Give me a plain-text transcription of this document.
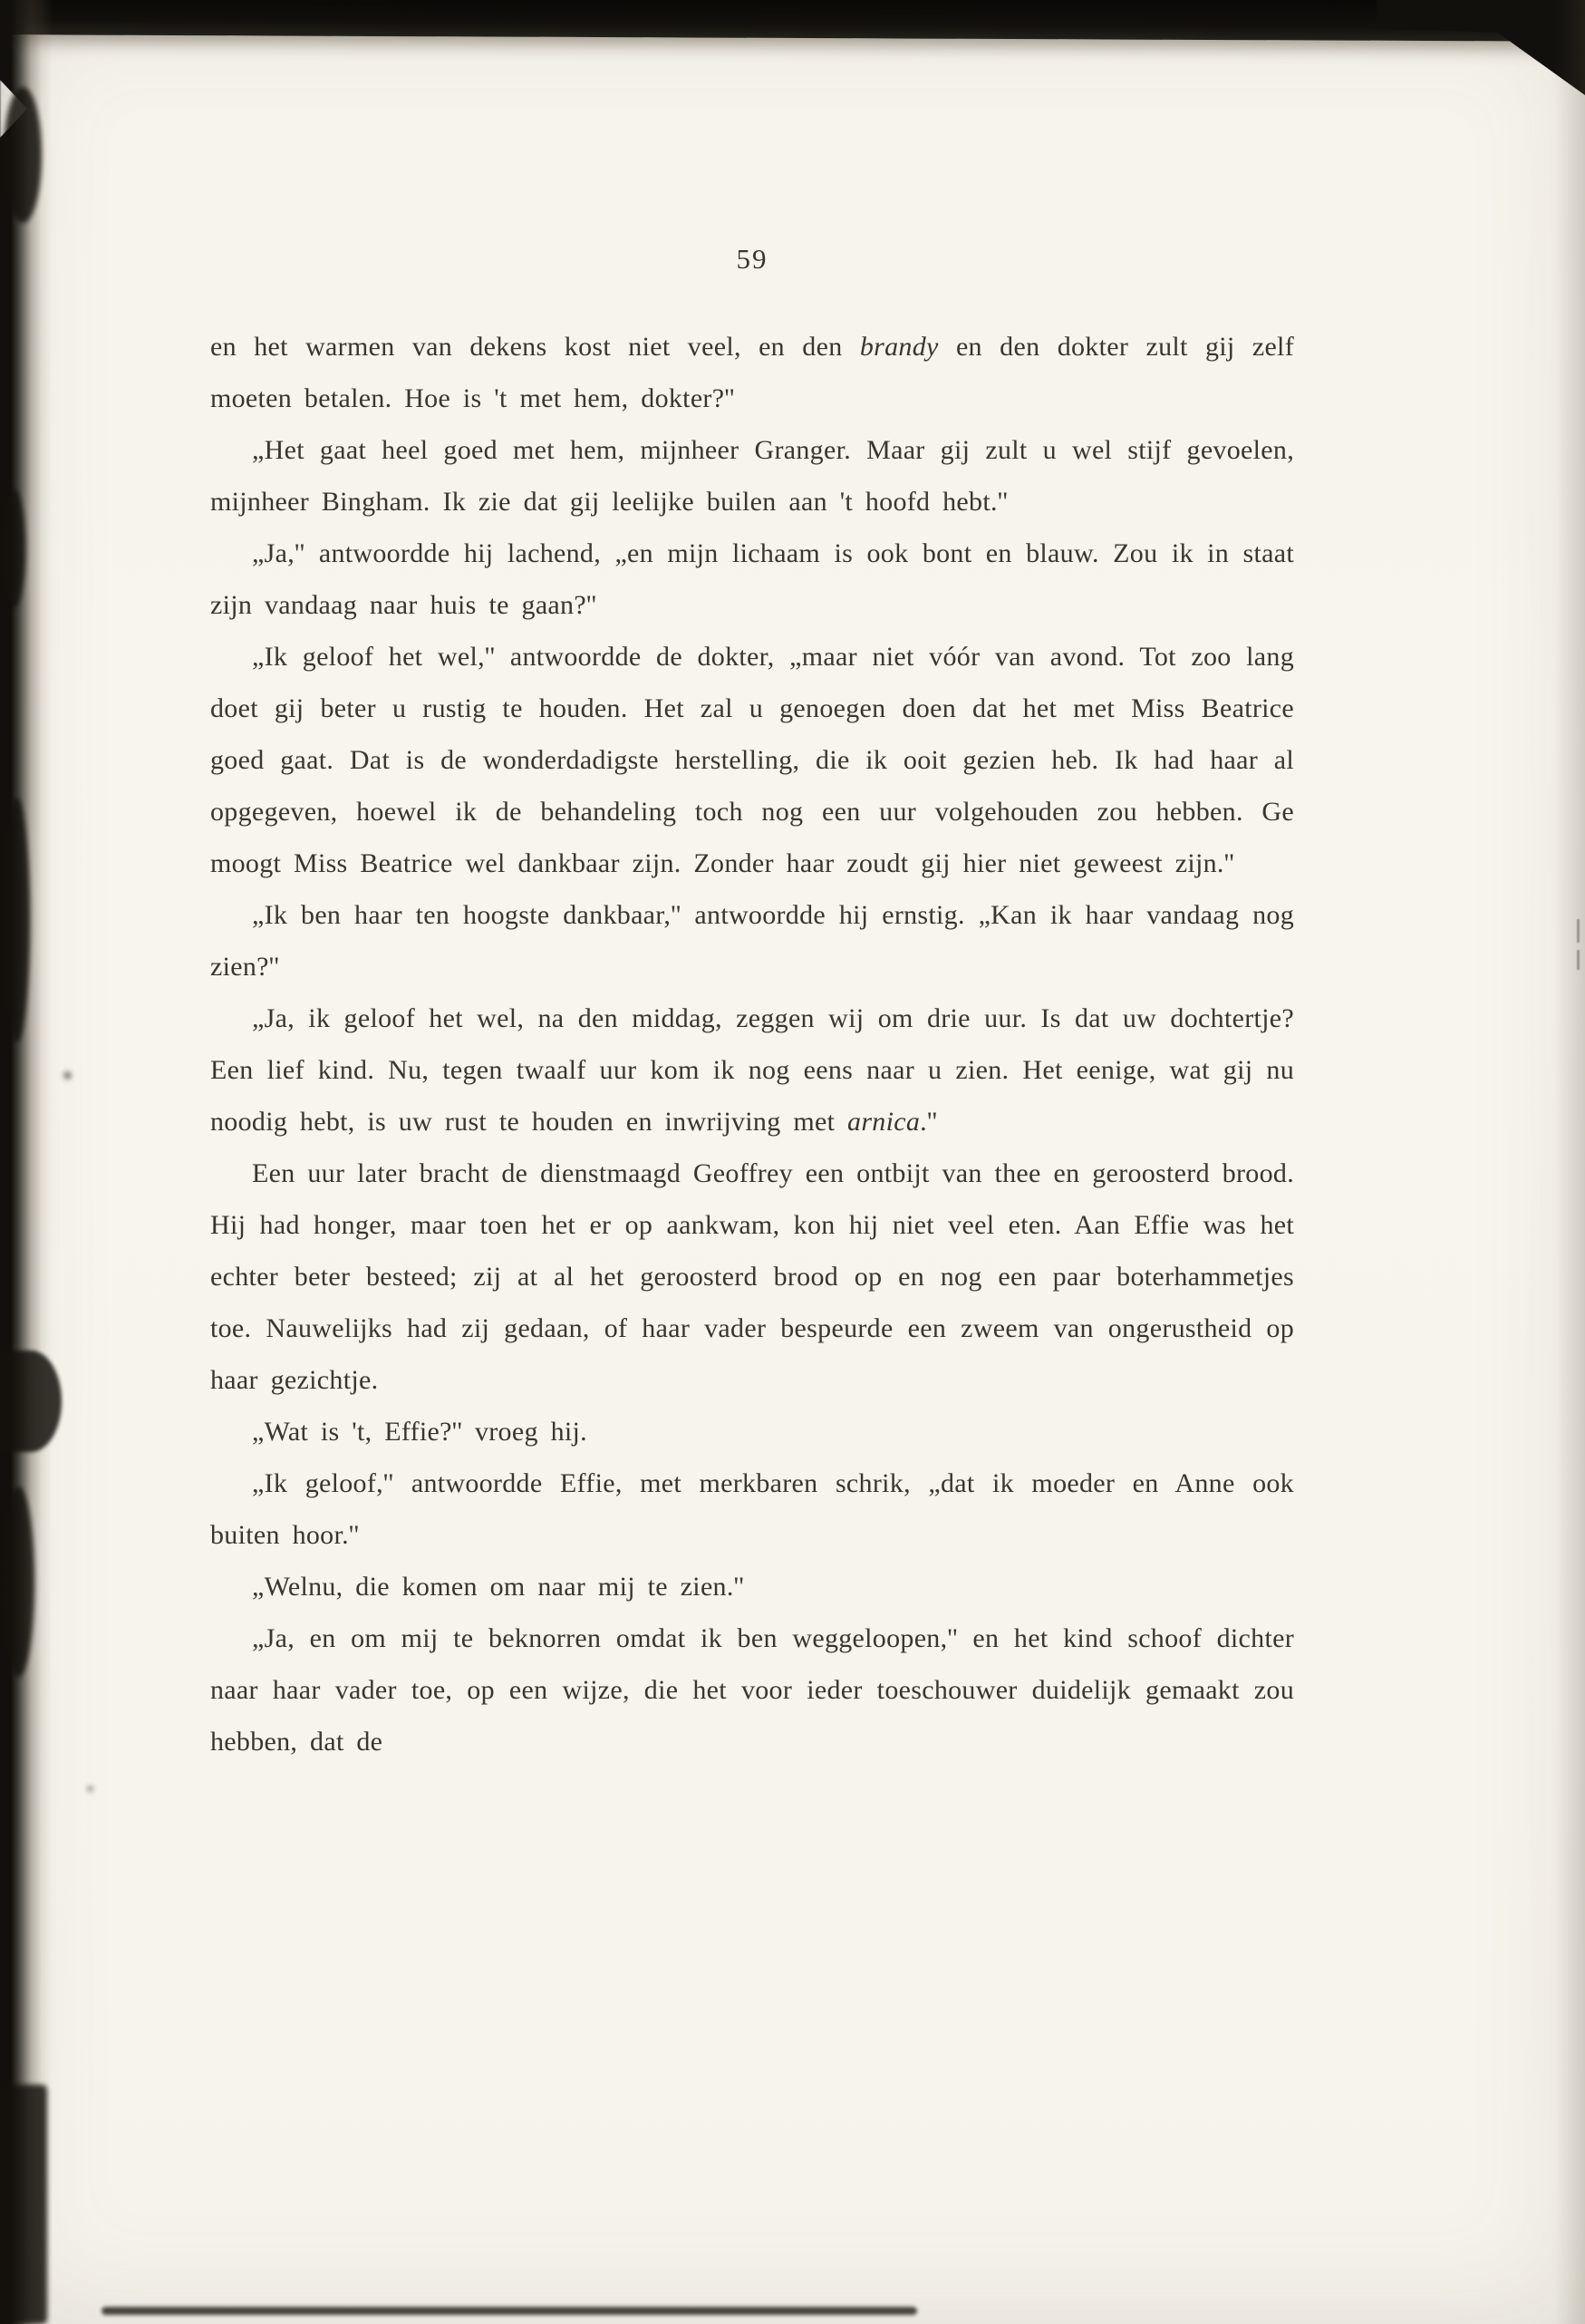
59

en het warmen van dekens kost niet veel, en den brandy en den dokter zult gij zelf moeten betalen. Hoe is 't met hem, dokter?''

„Het gaat heel goed met hem, mijnheer Granger. Maar gij zult u wel stijf gevoelen, mijnheer Bingham. Ik zie dat gij leelijke builen aan 't hoofd hebt.''

„Ja,'' antwoordde hij lachend, „en mijn lichaam is ook bont en blauw. Zou ik in staat zijn vandaag naar huis te gaan?''

„Ik geloof het wel,'' antwoordde de dokter, „maar niet vóór van avond. Tot zoo lang doet gij beter u rustig te houden. Het zal u genoegen doen dat het met Miss Beatrice goed gaat. Dat is de wonderdadigste herstelling, die ik ooit gezien heb. Ik had haar al opgegeven, hoewel ik de behandeling toch nog een uur volgehouden zou hebben. Ge moogt Miss Beatrice wel dankbaar zijn. Zonder haar zoudt gij hier niet geweest zijn.''

„Ik ben haar ten hoogste dankbaar,'' antwoordde hij ernstig. „Kan ik haar vandaag nog zien?''

„Ja, ik geloof het wel, na den middag, zeggen wij om drie uur. Is dat uw dochtertje? Een lief kind. Nu, tegen twaalf uur kom ik nog eens naar u zien. Het eenige, wat gij nu noodig hebt, is uw rust te houden en inwrijving met arnica.''

Een uur later bracht de dienstmaagd Geoffrey een ontbijt van thee en geroosterd brood. Hij had honger, maar toen het er op aankwam, kon hij niet veel eten. Aan Effie was het echter beter besteed; zij at al het geroosterd brood op en nog een paar boterhammetjes toe. Nauwelijks had zij gedaan, of haar vader bespeurde een zweem van ongerustheid op haar gezichtje.

„Wat is 't, Effie?'' vroeg hij.

„Ik geloof,'' antwoordde Effie, met merkbaren schrik, „dat ik moeder en Anne ook buiten hoor.''

„Welnu, die komen om naar mij te zien.''

„Ja, en om mij te beknorren omdat ik ben weggeloopen,'' en het kind schoof dichter naar haar vader toe, op een wijze, die het voor ieder toeschouwer duidelijk gemaakt zou hebben, dat de
